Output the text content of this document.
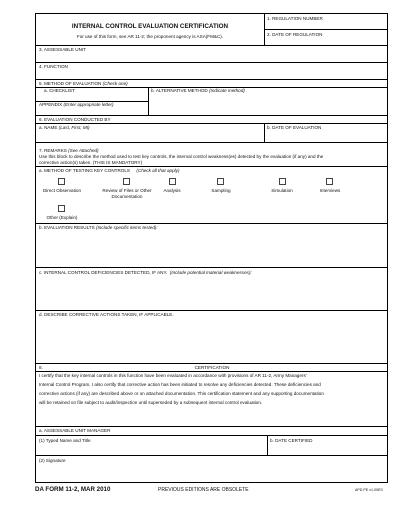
INTERNAL CONTROL EVALUATION CERTIFICATION
For use of this form, see AR 11-2; the proponent agency is ASA(FM&C).
1. REGULATION NUMBER
2. DATE OF REGULATION
3. ASSESSABLE UNIT
4. FUNCTION
5. METHOD OF EVALUATION (Check one)
a. CHECKLIST	b. ALTERNATIVE METHOD (Indicate method)
APPENDIX (Enter appropriate letter)
6. EVALUATION CONDUCTED BY
a. NAME (Last, First, MI)	b. DATE OF EVALUATION
7. REMARKS (See Attached)
Use this block to describe the method used to test key controls, the internal control weakness(es) detected by the evaluation (if any) and the
corrective action(s) taken. (THIS IS MANDATORY)
a. METHOD OF TESTING KEY CONTROLS (Check all that apply)
Direct Observation	Review of Files or Other Documentation
Analysis	Sampling	Simulation	Interviews
Other (Explain)
b. EVALUATION RESULTS (Include specific items tested):
c. INTERNAL CONTROL DEFICIENCIES DETECTED, IF ANY. (Include potential material weaknesses):
d. DESCRIBE CORRECTIVE ACTIONS TAKEN, IF APPLICABLE.
8.	CERTIFICATION
I certify that the key internal controls in this function have been evaluated in accordance with provisions of AR 11-2, Army Managers'
Internal Control Program. I also certify that corrective action has been initiated to resolve any deficiencies detected. These deficiencies and
corrective actions (if any) are described above or on attached documentation. This certification statement and any supporting documentation
will be retained on file subject to audit/inspection until superseded by a subsequent internal control evaluation.
a. ASSESSABLE UNIT MANAGER
(1) Typed Name and Title	b. DATE CERTIFIED
(2) Signature
DA FORM 11-2, MAR 2010	PREVIOUS EDITIONS ARE OBSOLETE	APD PE v1.00ES
